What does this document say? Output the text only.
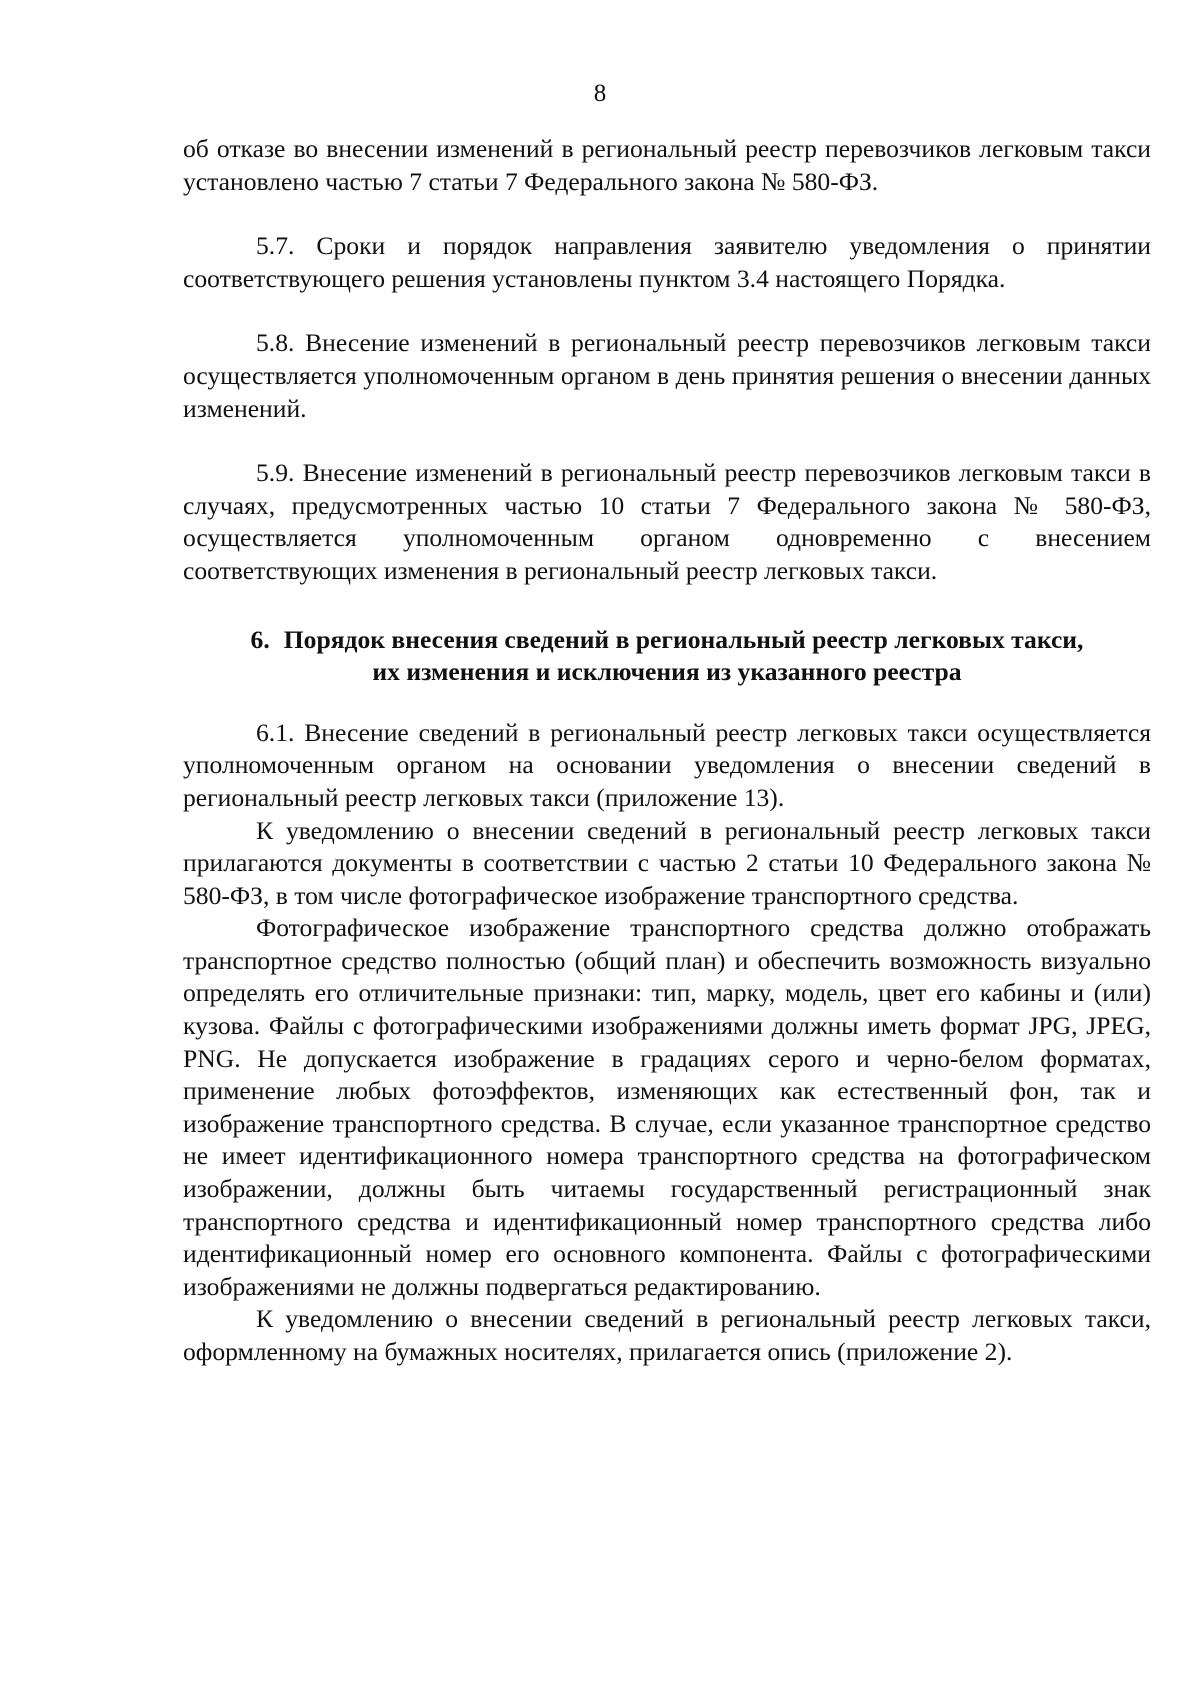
8

об отказе во внесении изменений в региональный реестр перевозчиков легковым такси установлено частью 7 статьи 7 Федерального закона № 580-ФЗ.

5.7. Сроки и порядок направления заявителю уведомления о принятии соответствующего решения установлены пунктом 3.4 настоящего Порядка.

5.8. Внесение изменений в региональный реестр перевозчиков легковым такси осуществляется уполномоченным органом в день принятия решения о внесении данных изменений.

5.9. Внесение изменений в региональный реестр перевозчиков легковым такси в случаях, предусмотренных частью 10 статьи 7 Федерального закона № 580-ФЗ, осуществляется уполномоченным органом одновременно с внесением соответствующих изменения в региональный реестр легковых такси.

6. Порядок внесения сведений в региональный реестр легковых такси,
их изменения и исключения из указанного реестра

6.1. Внесение сведений в региональный реестр легковых такси осуществляется уполномоченным органом на основании уведомления о внесении сведений в региональный реестр легковых такси (приложение 13).

К уведомлению о внесении сведений в региональный реестр легковых такси прилагаются документы в соответствии с частью 2 статьи 10 Федерального закона № 580-ФЗ, в том числе фотографическое изображение транспортного средства.

Фотографическое изображение транспортного средства должно отображать транспортное средство полностью (общий план) и обеспечить возможность визуально определять его отличительные признаки: тип, марку, модель, цвет его кабины и (или) кузова. Файлы с фотографическими изображениями должны иметь формат JPG, JPEG, PNG. Не допускается изображение в градациях серого и черно-белом форматах, применение любых фотоэффектов, изменяющих как естественный фон, так и изображение транспортного средства. В случае, если указанное транспортное средство не имеет идентификационного номера транспортного средства на фотографическом изображении, должны быть читаемы государственный регистрационный знак транспортного средства и идентификационный номер транспортного средства либо идентификационный номер его основного компонента. Файлы с фотографическими изображениями не должны подвергаться редактированию.

К уведомлению о внесении сведений в региональный реестр легковых такси, оформленному на бумажных носителях, прилагается опись (приложение 2).
